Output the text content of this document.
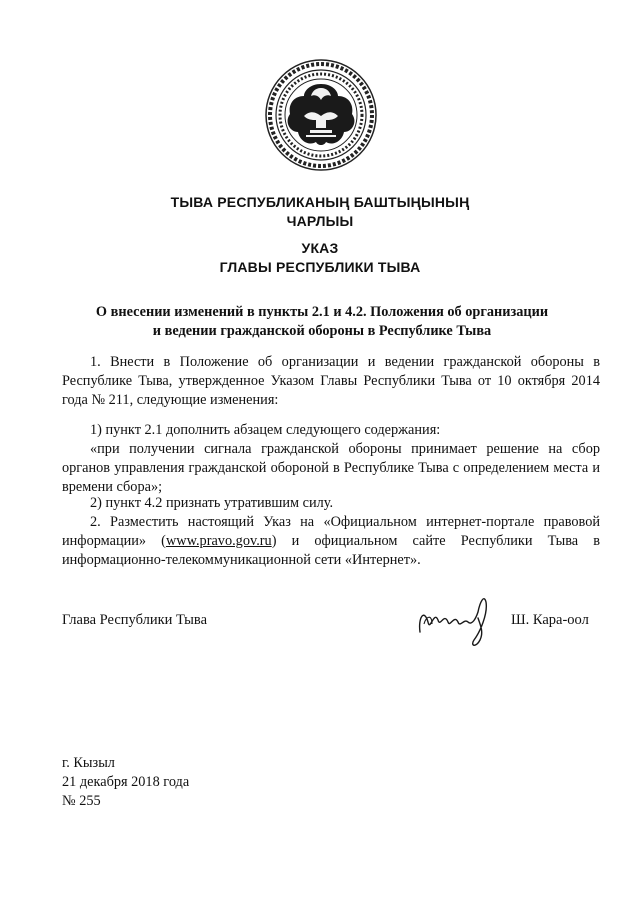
ТЫВА РЕСПУБЛИКАНЫҢ БАШТЫҢЫНЫҢ

ЧАРЛЫЫ

УКАЗ

ГЛАВЫ РЕСПУБЛИКИ ТЫВА

О внесении изменений в пункты 2.1 и 4.2. Положения об организации

и ведении гражданской обороны в Республике Тыва

1. Внести в Положение об организации и ведении гражданской обороны в Республике Тыва, утвержденное Указом Главы Республики Тыва от 10 октября 2014 года № 211, следующие изменения:

1) пункт 2.1 дополнить абзацем следующего содержания:

«при получении сигнала гражданской обороны принимает решение на сбор органов управления гражданской обороной в Республике Тыва с определением места и времени сбора»;

2) пункт 4.2 признать утратившим силу.

2. Разместить настоящий Указ на «Официальном интернет-портале правовой информации» (www.pravo.gov.ru) и официальном сайте Республики Тыва в информационно-телекоммуникационной сети «Интернет».

Глава Республики Тыва	Ш. Кара-оол

г. Кызыл

21 декабря 2018 года

№ 255
